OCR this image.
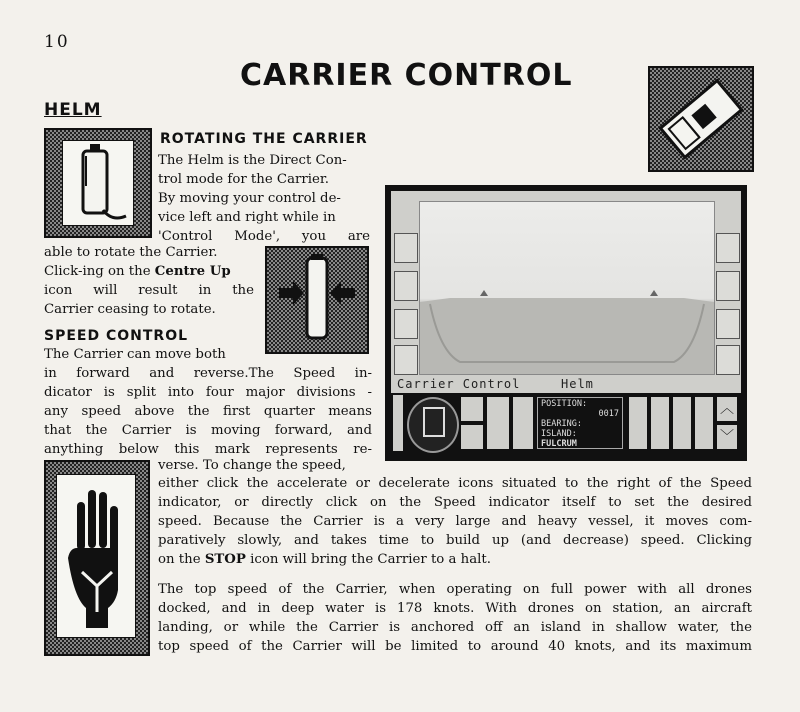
10
CARRIER CONTROL
HELM
ROTATING THE CARRIER
The Helm is the Direct Con-
trol mode for the Carrier.
By moving your control de-
vice left and right while in
'Control Mode', you are
able to rotate the Carrier.
Click-ing on the Centre Up
icon will result in the
Carrier ceasing to rotate.
SPEED CONTROL
The Carrier can move both
in forward and reverse.The Speed in-
dicator is split into four major divisions -
any speed above the first quarter means
that the Carrier is moving forward, and
anything below this mark represents re-
verse. To change the speed,
either click the accelerate or decelerate icons situated to the right of the Speed
indicator, or directly click on the Speed indicator itself to set the desired
speed. Because the Carrier is a very large and heavy vessel, it moves com-
paratively slowly, and takes time to build up (and decrease) speed. Clicking
on the STOP icon will bring the Carrier to a halt.
The top speed of the Carrier, when operating on full power with all drones
docked, and in deep water is 178 knots. With drones on station, an aircraft
landing, or while the Carrier is anchored off an island in shallow water, the
top speed of the Carrier will be limited to around 40 knots, and its maximum
Carrier Control	Helm
POSITION:
0017
BEARING:
ISLAND:
FULCRUM
︿
﹀
